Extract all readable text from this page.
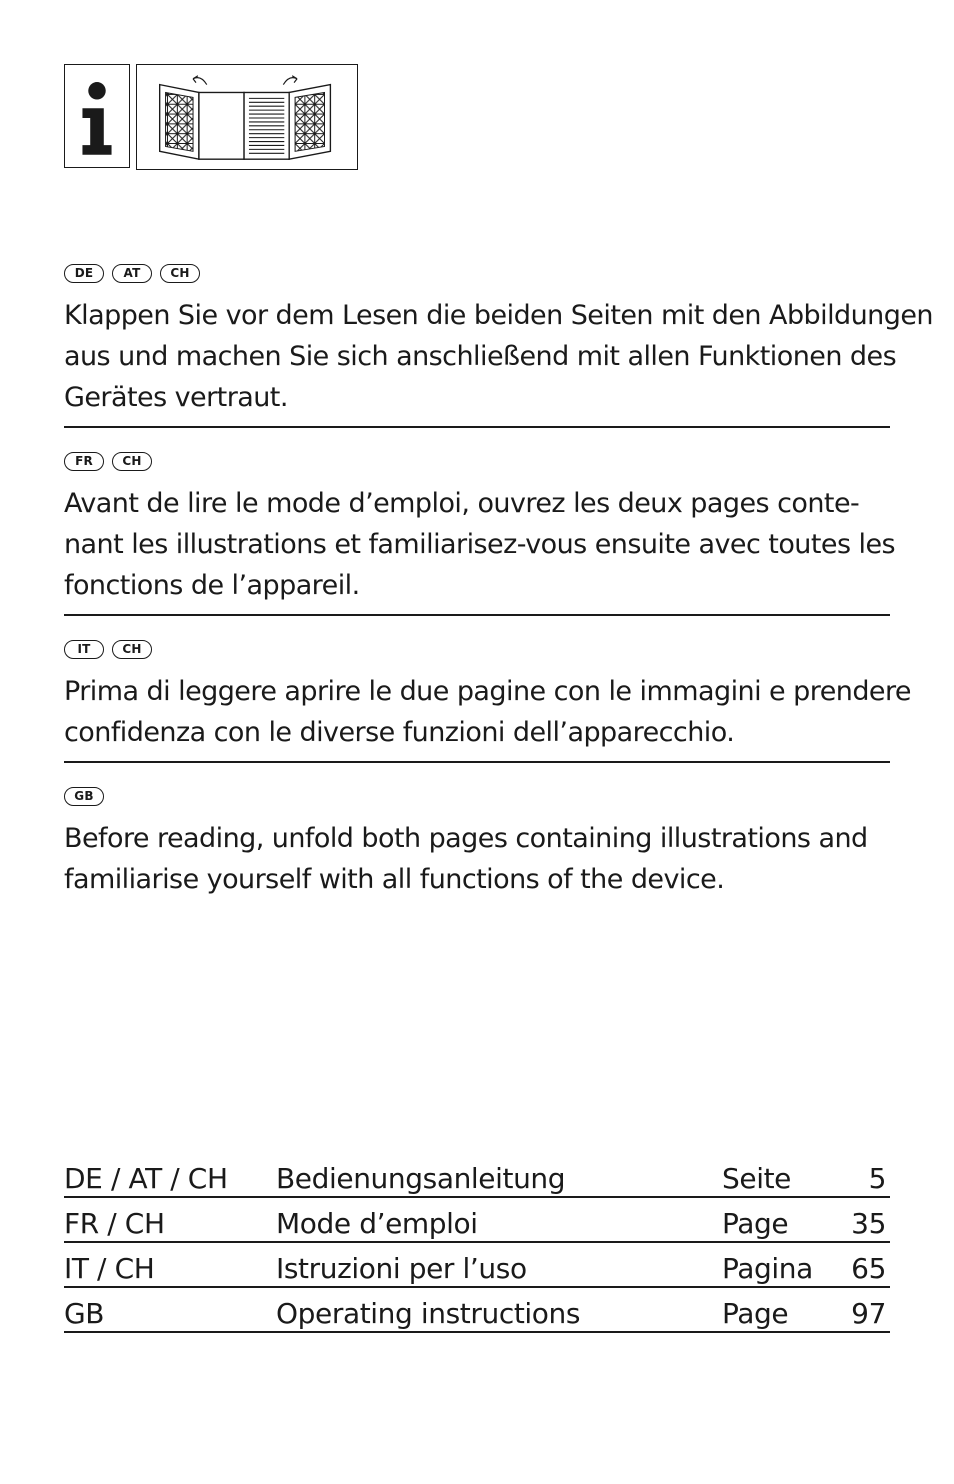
DE	AT	CH

Klappen Sie vor dem Lesen die beiden Seiten mit den Abbildungen
aus und machen Sie sich anschließend mit allen Funktionen des
Gerätes vertraut.

FR	CH

Avant de lire le mode d’emploi, ouvrez les deux pages conte-
nant les illustrations et familiarisez-vous ensuite avec toutes les
fonctions de l’appareil.

IT	CH

Prima di leggere aprire le due pagine con le immagini e prendere
confidenza con le diverse funzioni dell’apparecchio.

GB

Before reading, unfold both pages containing illustrations and
familiarise yourself with all functions of the device.

DE / AT / CH	Bedienungsanleitung	Seite	5
FR / CH	Mode d’emploi	Page	35
IT / CH	Istruzioni per l’uso	Pagina	65
GB	Operating instructions	Page	97
